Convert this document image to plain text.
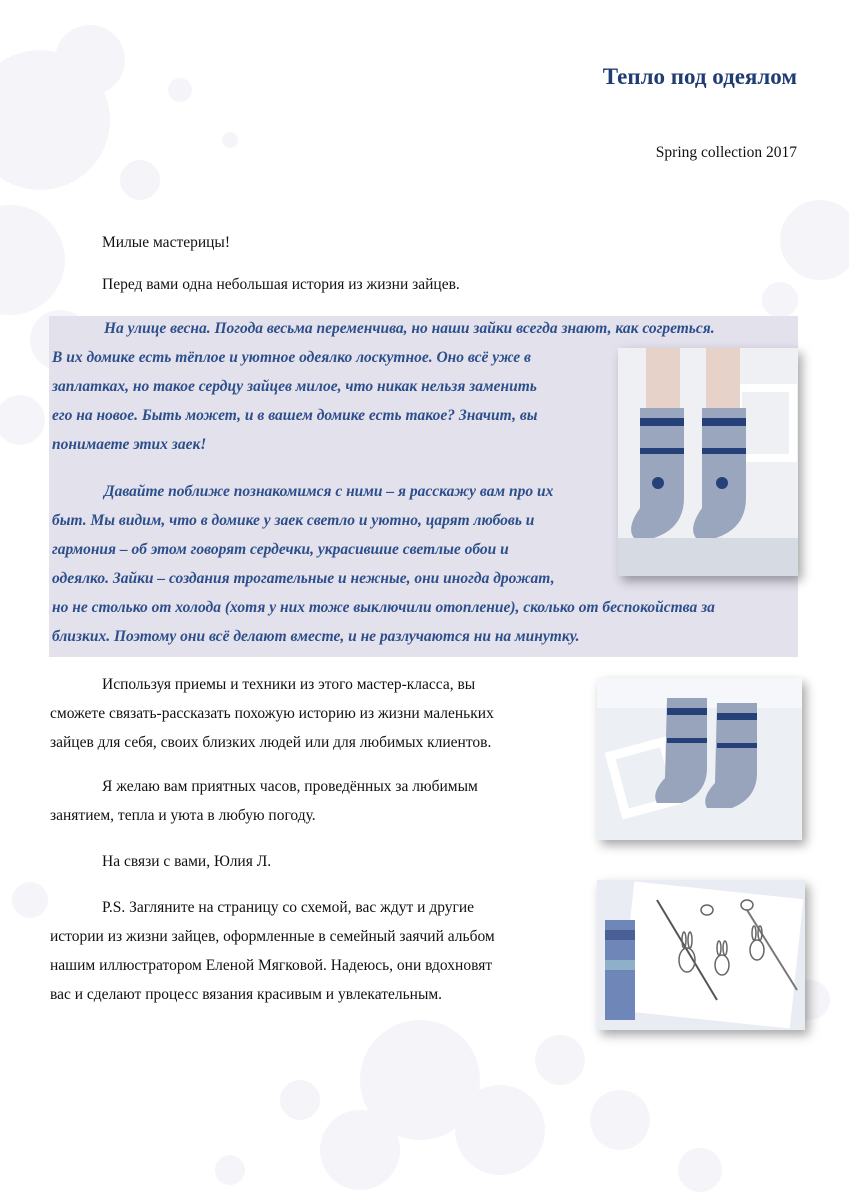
Тепло под одеялом
Spring collection 2017

Милые мастерицы!

Перед вами одна небольшая история из жизни зайцев.

На улице весна. Погода весьма переменчива, но наши зайки всегда знают, как согреться.
В их домике есть тёплое и уютное одеялко лоскутное. Оно всё уже в
заплатках, но такое сердцу зайцев милое, что никак нельзя заменить
его на новое. Быть может, и в вашем домике есть такое? Значит, вы
понимаете этих заек!
Давайте поближе познакомимся с ними – я расскажу вам про их
быт. Мы видим, что в домике у заек светло и уютно, царят любовь и
гармония – об этом говорят сердечки, украсившие светлые обои и
одеялко. Зайки – создания трогательные и нежные, они иногда дрожат,
но не столько от холода (хотя у них тоже выключили отопление), сколько от беспокойства за
близких. Поэтому они всё делают вместе, и не разлучаются ни на минутку.
Используя приемы и техники из этого мастер-класса, вы
сможете связать-рассказать похожую историю из жизни маленьких
зайцев для себя, своих близких людей или для любимых клиентов.
Я желаю вам приятных часов, проведённых за любимым
занятием, тепла и уюта в любую погоду.

На связи с вами, Юлия Л.

P.S. Загляните на страницу со схемой, вас ждут и другие
истории из жизни зайцев, оформленные в семейный заячий альбом
нашим иллюстратором Еленой Мягковой. Надеюсь, они вдохновят
вас и сделают процесс вязания красивым и увлекательным.
